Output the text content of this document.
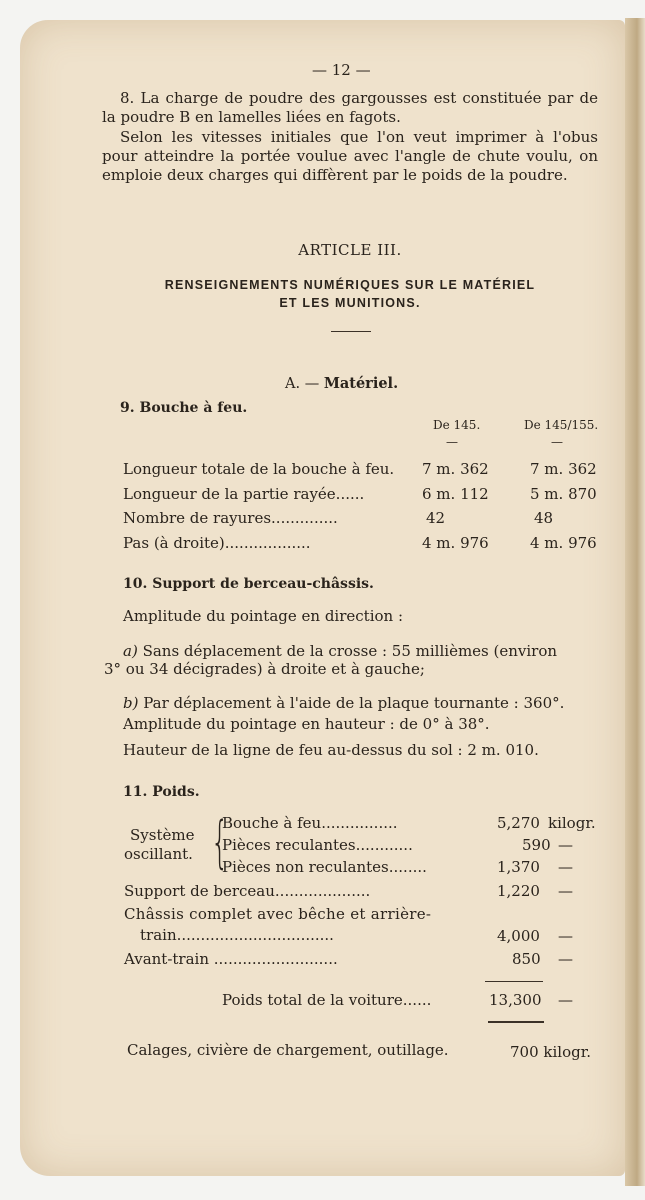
— 12 —
8. La charge de poudre des gargousses est constituée par de la poudre B en lamelles liées en fagots.
Selon les vitesses initiales que l'on veut imprimer à l'obus pour atteindre la portée voulue avec l'angle de chute voulu, on emploie deux charges qui diffèrent par le poids de la poudre.
ARTICLE III.
RENSEIGNEMENTS NUMÉRIQUES SUR LE MATÉRIEL
ET LES MUNITIONS.
A. — Matériel.
9. Bouche à feu.
De 145.	De 145/155.
—	—
Longueur totale de la bouche à feu. 7 m. 362	7 m. 362
Longueur de la partie rayée......	6 m. 112	5 m. 870
Nombre de rayures..............	42	48
Pas (à droite)..................	4 m. 976	4 m. 976
10. Support de berceau-châssis.
Amplitude du pointage en direction :
a) Sans déplacement de la crosse : 55 millièmes (environ
3° ou 34 décigrades) à droite et à gauche;
b) Par déplacement à l'aide de la plaque tournante : 360°.
Amplitude du pointage en hauteur : de 0° à 38°.
Hauteur de la ligne de feu au-dessus du sol : 2 m. 010.
11. Poids.
Système
oscillant. {
Bouche à feu................	5,270 kilogr.
Pièces reculantes............	590 —
Pièces non reculantes........	1,370 —
Support de berceau....................	1,220 —
Châssis complet avec bêche et arrière-
train.................................	4,000 —
Avant-train ..........................	850 —
Poids total de la voiture......	13,300 —
Calages, civière de chargement, outillage.	700 kilogr.
